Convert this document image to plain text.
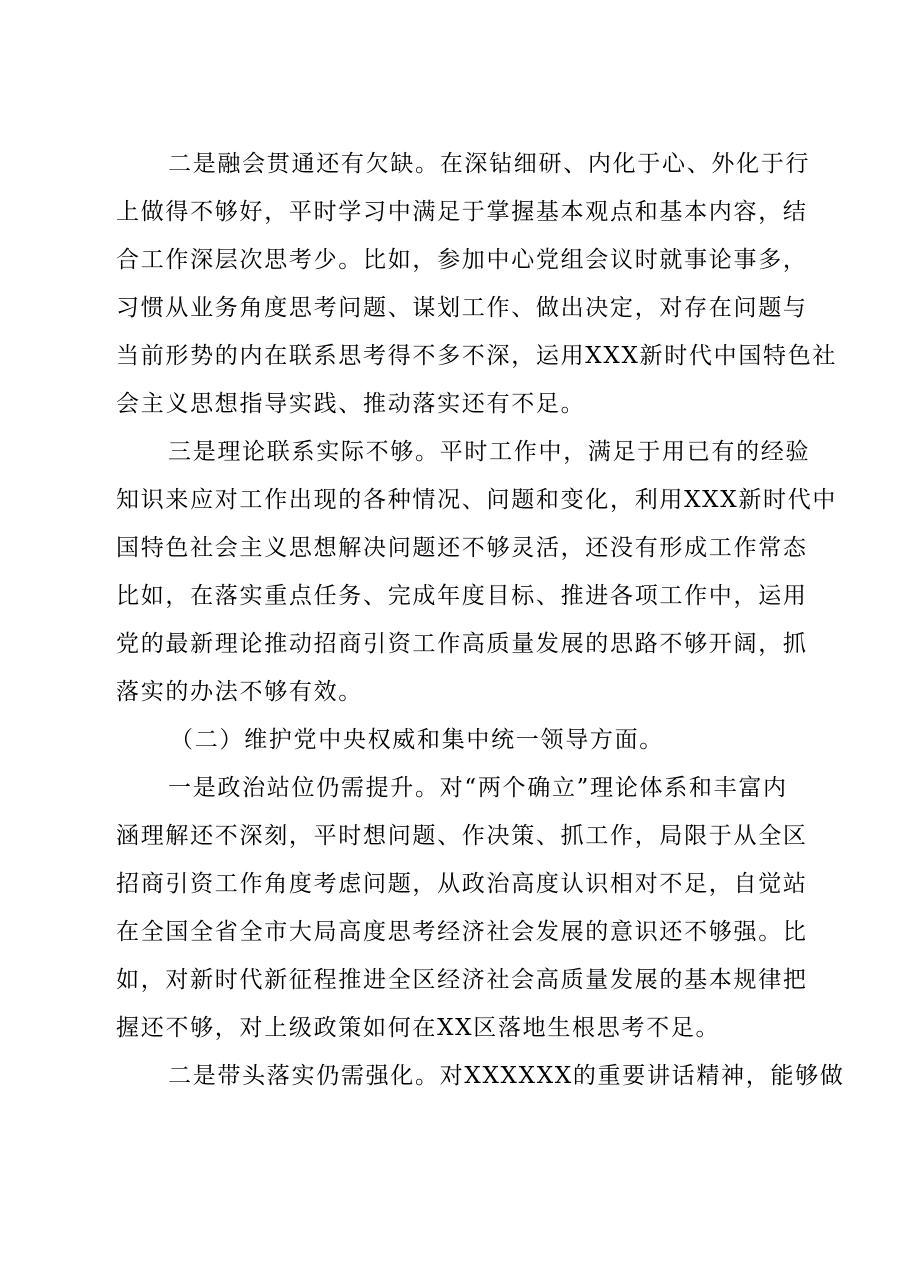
二是融会贯通还有欠缺。在深钻细研、内化于心、外化于行
上做得不够好，平时学习中满足于掌握基本观点和基本内容，结
合工作深层次思考少。比如，参加中心党组会议时就事论事多，
习惯从业务角度思考问题、谋划工作、做出决定，对存在问题与
当前形势的内在联系思考得不多不深，运用XXX新时代中国特色社
会主义思想指导实践、推动落实还有不足。
三是理论联系实际不够。平时工作中，满足于用已有的经验
知识来应对工作出现的各种情况、问题和变化，利用XXX新时代中
国特色社会主义思想解决问题还不够灵活，还没有形成工作常态
比如，在落实重点任务、完成年度目标、推进各项工作中，运用
党的最新理论推动招商引资工作高质量发展的思路不够开阔，抓
落实的办法不够有效。
（二）维护党中央权威和集中统一领导方面。
一是政治站位仍需提升。对“两个确立”理论体系和丰富内
涵理解还不深刻，平时想问题、作决策、抓工作，局限于从全区
招商引资工作角度考虑问题，从政治高度认识相对不足，自觉站
在全国全省全市大局高度思考经济社会发展的意识还不够强。比
如，对新时代新征程推进全区经济社会高质量发展的基本规律把
握还不够，对上级政策如何在XX区落地生根思考不足。
二是带头落实仍需强化。对XXXXXX的重要讲话精神，能够做
